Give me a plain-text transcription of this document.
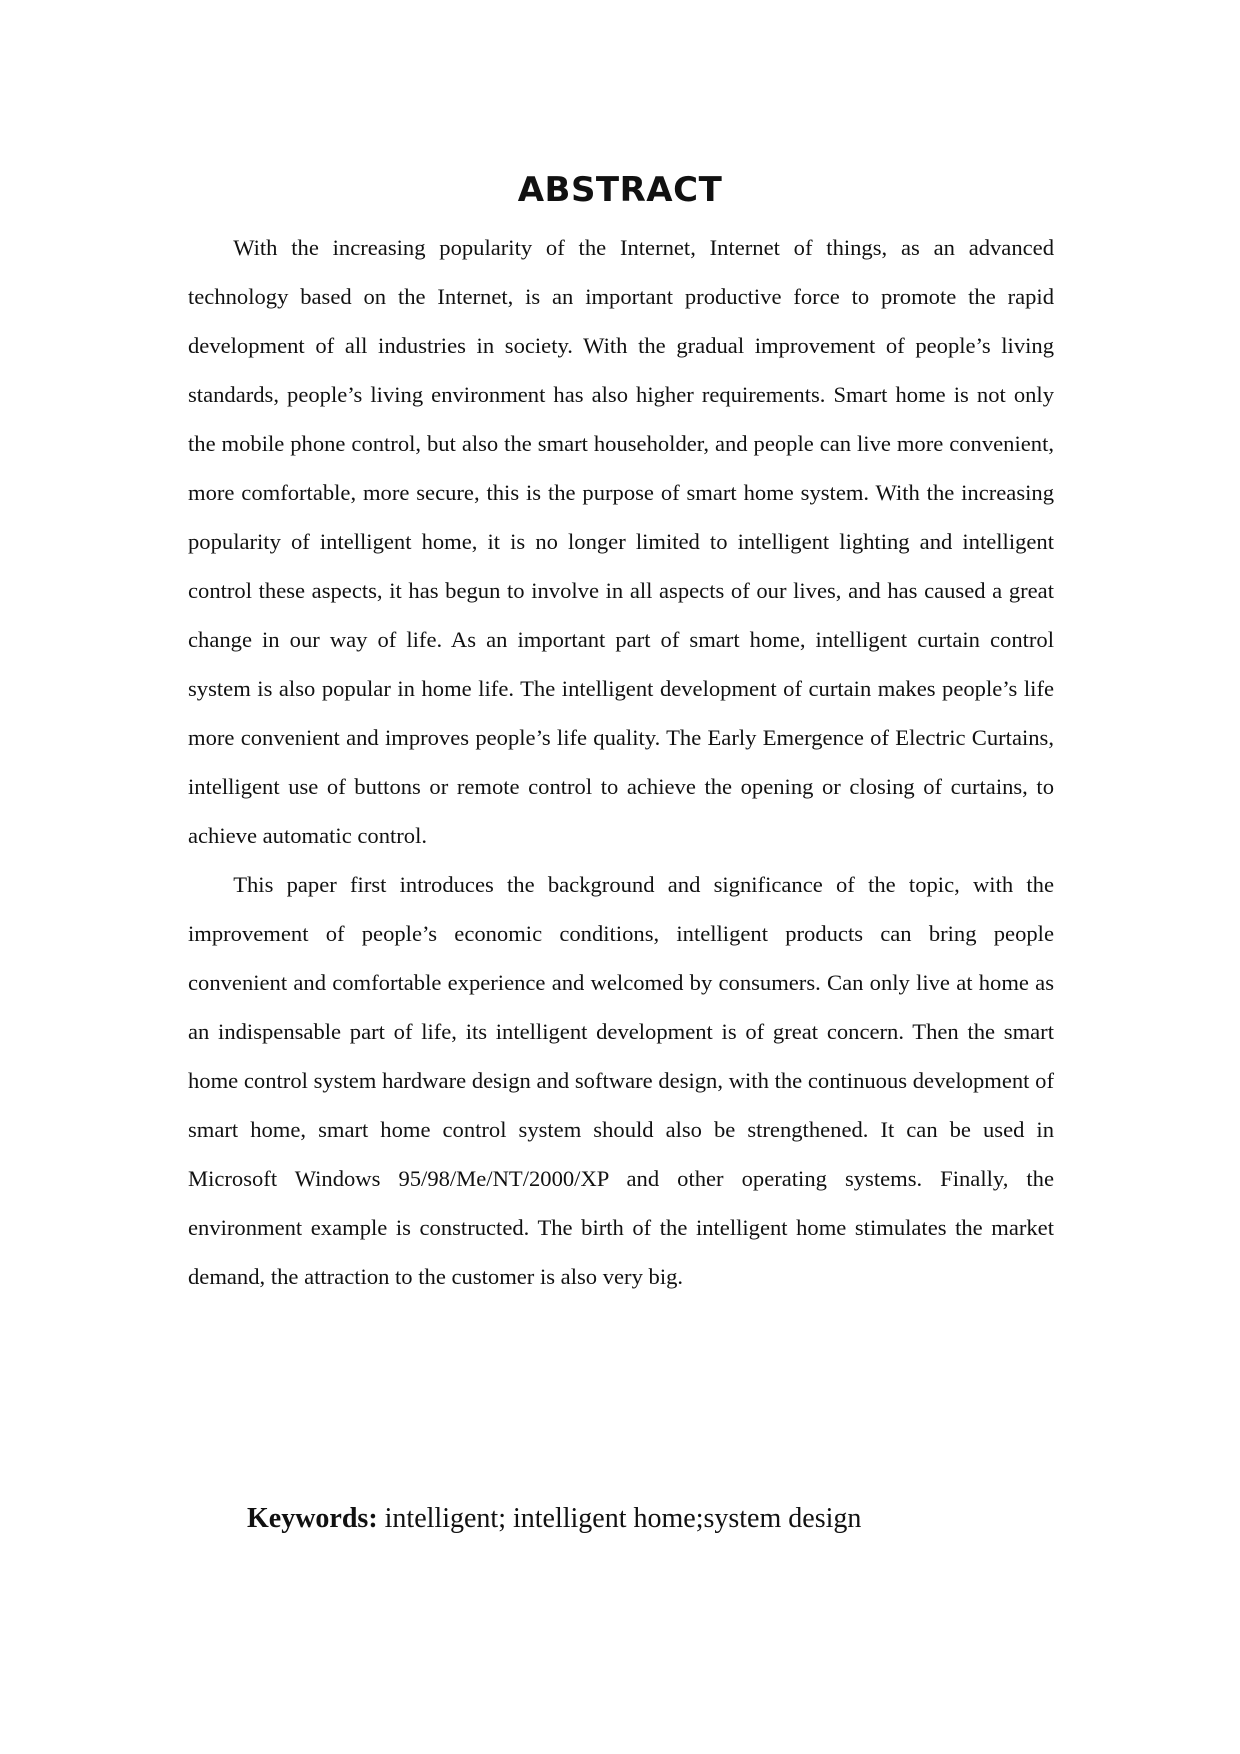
ABSTRACT

With the increasing popularity of the Internet, Internet of things, as an advanced technology based on the Internet, is an important productive force to promote the rapid development of all industries in society. With the gradual improvement of people’s living standards, people’s living environment has also higher requirements. Smart home is not only the mobile phone control, but also the smart householder, and people can live more convenient, more comfortable, more secure, this is the purpose of smart home system. With the increasing popularity of intelligent home, it is no longer limited to intelligent lighting and intelligent control these aspects, it has begun to involve in all aspects of our lives, and has caused a great change in our way of life. As an important part of smart home, intelligent curtain control system is also popular in home life. The intelligent development of curtain makes people’s life more convenient and improves people’s life quality. The Early Emergence of Electric Curtains, intelligent use of buttons or remote control to achieve the opening or closing of curtains, to achieve automatic control.

This paper first introduces the background and significance of the topic, with the improvement of people’s economic conditions, intelligent products can bring people convenient and comfortable experience and welcomed by consumers. Can only live at home as an indispensable part of life, its intelligent development is of great concern. Then the smart home control system hardware design and software design, with the continuous development of smart home, smart home control system should also be strengthened. It can be used in Microsoft Windows 95/98/Me/NT/2000/XP and other operating systems. Finally, the environment example is constructed. The birth of the intelligent home stimulates the market demand, the attraction to the customer is also very big.

Keywords: intelligent; intelligent home;system design
